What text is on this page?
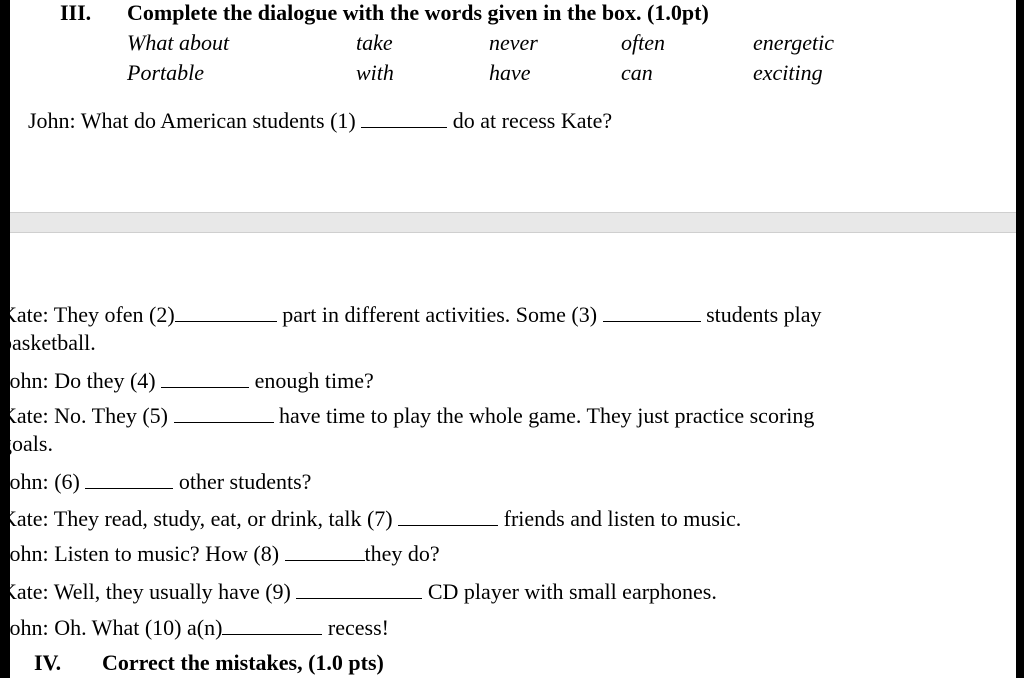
III. Complete the dialogue with the words given in the box. (1.0pt)
What about	take	never	often	energetic
Portable	with	have	can	exciting
John: What do American students (1)	do at recess Kate?
Kate: They ofen (2)	part in different activities. Some (3)	students play
basketball.
John: Do they (4)	enough time?
Kate: No. They (5)	have time to play the whole game. They just practice scoring
goals.
John: (6)	other students?
Kate: They read, study, eat, or drink, talk (7)	friends and listen to music.
John: Listen to music? How (8)	they do?
Kate: Well, they usually have (9)	CD player with small earphones.
John: Oh. What (10) a(n)	recess!
IV. Correct the mistakes, (1.0 pts)
